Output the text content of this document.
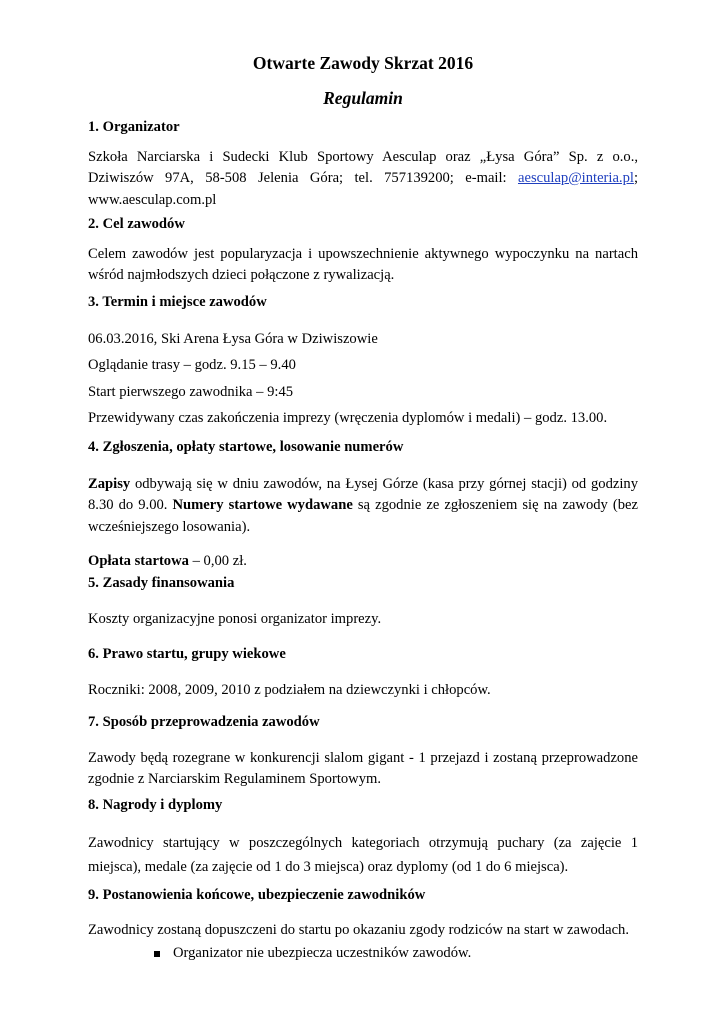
Otwarte Zawody Skrzat 2016
Regulamin
1. Organizator

Szkoła Narciarska i Sudecki Klub Sportowy Aesculap oraz „Łysa Góra” Sp. z o.o.,

Dziwiszów 97A, 58-508 Jelenia Góra; tel. 757139200; e-mail: aesculap@interia.pl;

www.aesculap.com.pl

2. Cel zawodów

Celem zawodów jest popularyzacja i upowszechnienie aktywnego wypoczynku na nartach wśród najmłodszych dzieci połączone z rywalizacją.

3. Termin i miejsce zawodów

06.03.2016, Ski Arena Łysa Góra w Dziwiszowie

Oglądanie trasy – godz. 9.15 – 9.40

Start pierwszego zawodnika – 9:45

Przewidywany czas zakończenia imprezy (wręczenia dyplomów i medali) – godz. 13.00.

4. Zgłoszenia, opłaty startowe, losowanie numerów

Zapisy odbywają się w dniu zawodów, na Łysej Górze (kasa przy górnej stacji) od godziny 8.30 do 9.00. Numery startowe wydawane są zgodnie ze zgłoszeniem się na zawody (bez wcześniejszego losowania).

Opłata startowa – 0,00 zł.

5. Zasady finansowania

Koszty organizacyjne ponosi organizator imprezy.

6. Prawo startu, grupy wiekowe

Roczniki: 2008, 2009, 2010 z podziałem na dziewczynki i chłopców.

7. Sposób przeprowadzenia zawodów

Zawody będą rozegrane w konkurencji slalom gigant - 1 przejazd i zostaną przeprowadzone zgodnie z Narciarskim Regulaminem Sportowym.

8. Nagrody i dyplomy

Zawodnicy startujący w poszczególnych kategoriach otrzymują puchary (za zajęcie 1 miejsca), medale (za zajęcie od 1 do 3 miejsca) oraz dyplomy (od 1 do 6 miejsca).

9. Postanowienia końcowe, ubezpieczenie zawodników

Zawodnicy zostaną dopuszczeni do startu po okazaniu zgody rodziców na start w zawodach.

Organizator nie ubezpiecza uczestników zawodów.
